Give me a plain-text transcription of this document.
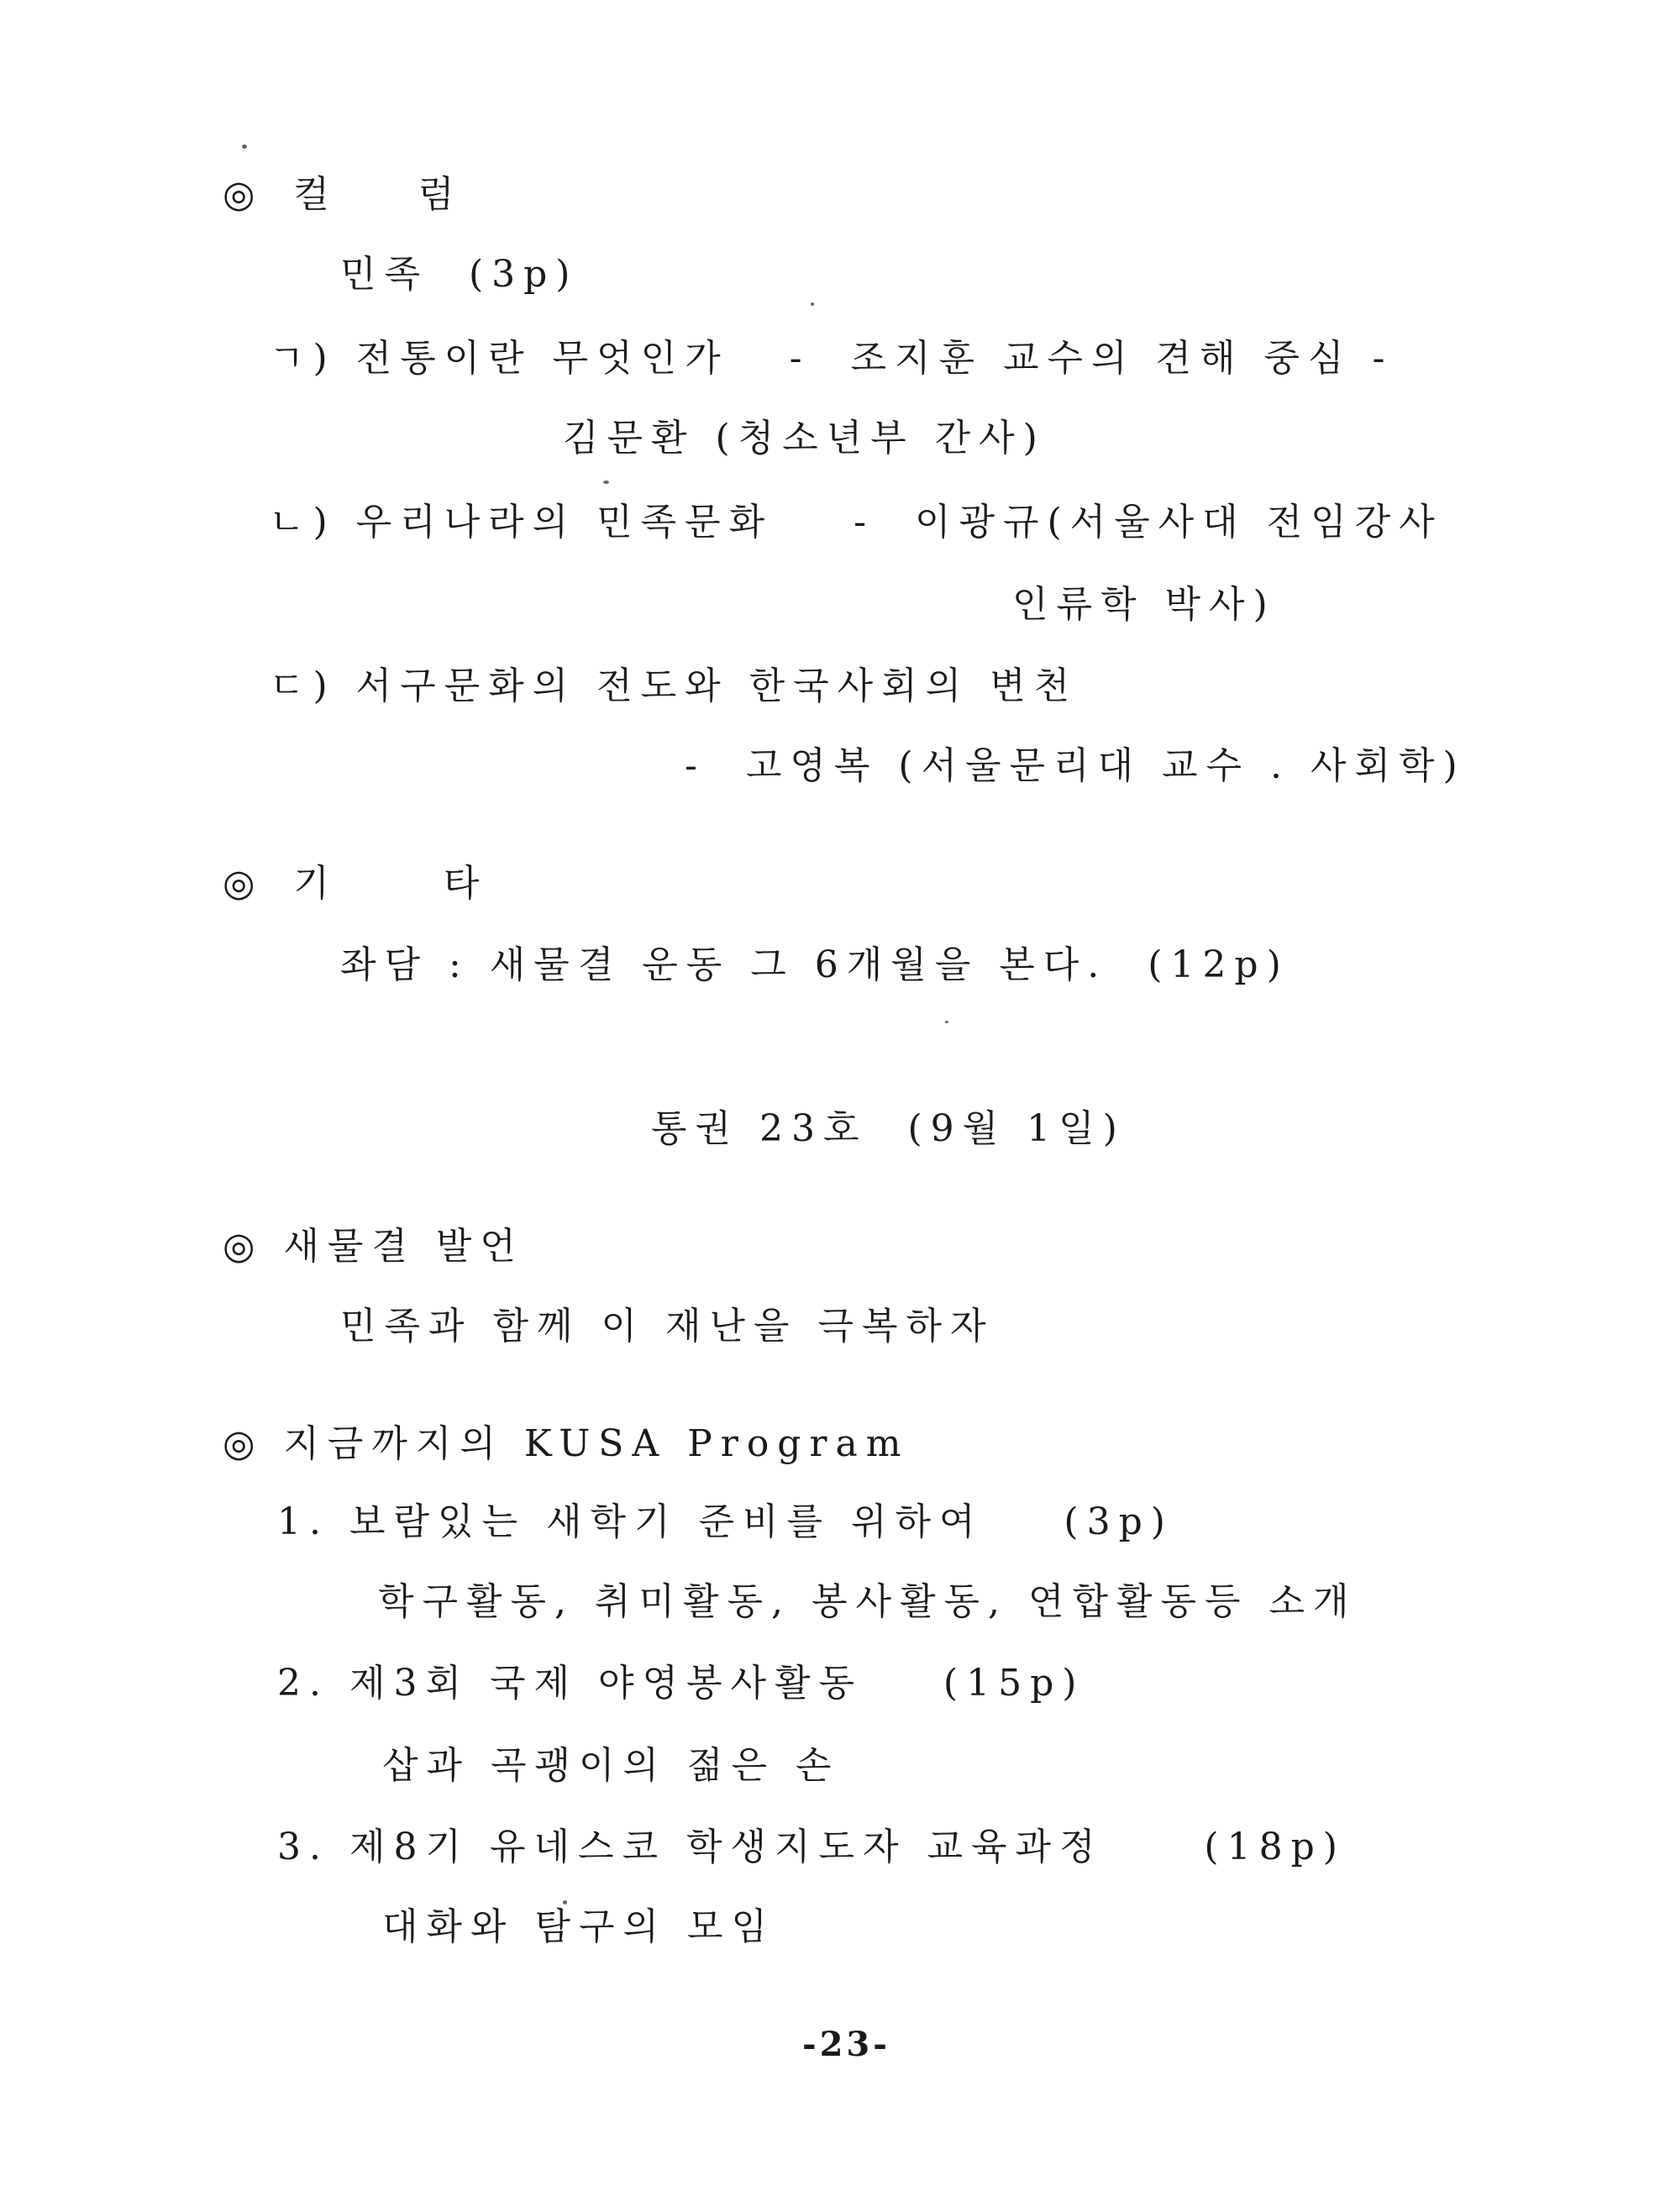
◎ 컬   럼
민족  (3p)
ㄱ) 전통이란 무엇인가   -  조지훈 교수의 견해 중심 -
김문환 (청소년부 간사)
ㄴ) 우리나라의 민족문화    -  이광규(서울사대 전임강사
인류학 박사)
ㄷ) 서구문화의 전도와 한국사회의 변천
-  고영복 (서울문리대 교수 . 사회학)
◎ 기    타
좌담 : 새물결 운동 그 6개월을 본다.  (12p)
통권 23호  (9월 1일)
◎ 새물결 발언
민족과 함께 이 재난을 극복하자
◎ 지금까지의 KUSA Program
1. 보람있는 새학기 준비를 위하여    (3p)
학구활동, 취미활동, 봉사활동, 연합활동등 소개
2. 제3회 국제 야영봉사활동    (15p)
삽과 곡괭이의 젊은 손
3. 제8기 유네스코 학생지도자 교육과정     (18p)
대화와 탐구의 모임
-23-
